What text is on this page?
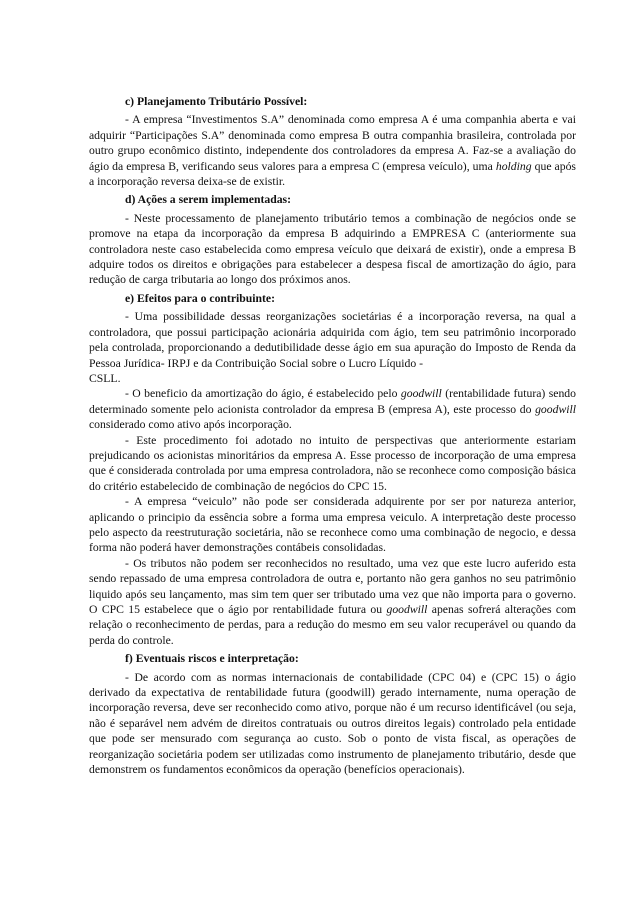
c) Planejamento Tributário Possível:

- A empresa “Investimentos S.A” denominada como empresa A é uma companhia aberta e vai adquirir “Participações S.A” denominada como empresa B outra companhia brasileira, controlada por outro grupo econômico distinto, independente dos controladores da empresa A. Faz-se a avaliação do ágio da empresa B, verificando seus valores para a empresa C (empresa veículo), uma holding que após a incorporação reversa deixa-se de existir.

d) Ações a serem implementadas:

- Neste processamento de planejamento tributário temos a combinação de negócios onde se promove na etapa da incorporação da empresa B adquirindo a EMPRESA C (anteriormente sua controladora neste caso estabelecida como empresa veículo que deixará de existir), onde a empresa B adquire todos os direitos e obrigações para estabelecer a despesa fiscal de amortização do ágio, para redução de carga tributaria ao longo dos próximos anos.

e) Efeitos para o contribuinte:

- Uma possibilidade dessas reorganizações societárias é a incorporação reversa, na qual a controladora, que possui participação acionária adquirida com ágio, tem seu patrimônio incorporado pela controlada, proporcionando a dedutibilidade desse ágio em sua apuração do Imposto de Renda da Pessoa Jurídica- IRPJ e da Contribuição Social sobre o Lucro Líquido -
CSLL.

- O beneficio da amortização do ágio, é estabelecido pelo goodwill (rentabilidade futura) sendo determinado somente pelo acionista controlador da empresa B (empresa A), este processo do goodwill considerado como ativo após incorporação.

- Este procedimento foi adotado no intuito de perspectivas que anteriormente estariam prejudicando os acionistas minoritários da empresa A. Esse processo de incorporação de uma empresa que é considerada controlada por uma empresa controladora, não se reconhece como composição básica do critério estabelecido de combinação de negócios do CPC 15.

- A empresa “veiculo” não pode ser considerada adquirente por ser por natureza anterior, aplicando o principio da essência sobre a forma uma empresa veiculo. A interpretação deste processo pelo aspecto da reestruturação societária, não se reconhece como uma combinação de negocio, e dessa forma não poderá haver demonstrações contábeis consolidadas.

- Os tributos não podem ser reconhecidos no resultado, uma vez que este lucro auferido esta sendo repassado de uma empresa controladora de outra e, portanto não gera ganhos no seu patrimônio liquido após seu lançamento, mas sim tem quer ser tributado uma vez que não importa para o governo. O CPC 15 estabelece que o ágio por rentabilidade futura ou goodwill apenas sofrerá alterações com relação o reconhecimento de perdas, para a redução do mesmo em seu valor recuperável ou quando da perda do controle.

f) Eventuais riscos e interpretação:

- De acordo com as normas internacionais de contabilidade (CPC 04) e (CPC 15) o ágio derivado da expectativa de rentabilidade futura (goodwill) gerado internamente, numa operação de incorporação reversa, deve ser reconhecido como ativo, porque não é um recurso identificável (ou seja, não é separável nem advém de direitos contratuais ou outros direitos legais) controlado pela entidade que pode ser mensurado com segurança ao custo. Sob o ponto de vista fiscal, as operações de reorganização societária podem ser utilizadas como instrumento de planejamento tributário, desde que demonstrem os fundamentos econômicos da operação (benefícios operacionais).
